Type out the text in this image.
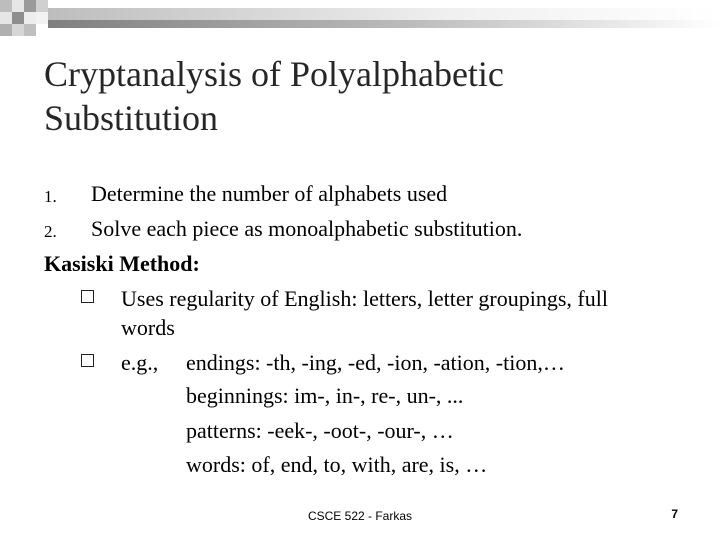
Cryptanalysis of Polyalphabetic
Substitution
1. Determine the number of alphabets used
2. Solve each piece as monoalphabetic substitution.
Kasiski Method:
Uses regularity of English: letters, letter groupings, full
words
e.g., endings: -th, -ing, -ed, -ion, -ation, -tion,…
beginnings: im-, in-, re-, un-, ...
patterns: -eek-, -oot-, -our-, …
words: of, end, to, with, are, is, …
CSCE 522 - Farkas	7
